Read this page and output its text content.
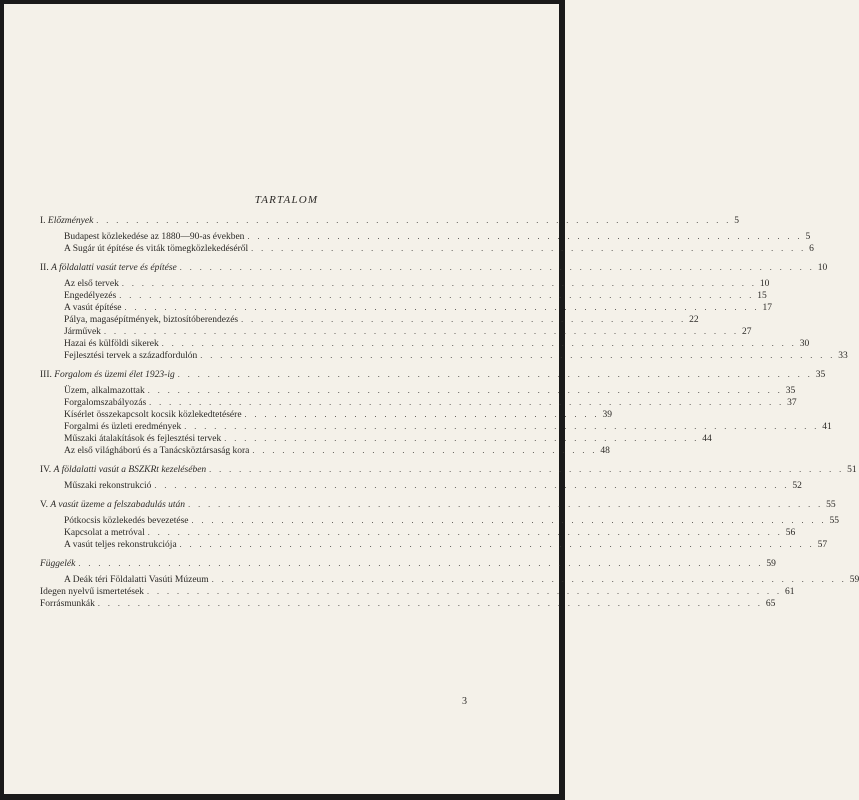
TARTALOM
I.
Előzmények . . . . . . . . . . . . . . . . . . . . . . . . . . . . . . . . . . . . . . . . . . . . . . . . . . . . . . . . . . . . . . . . 5
Budapest közlekedése az 1880—90-as években . . . . . . . . . . . . . . . . . . . . . . . . . . . . . . . . . . . . . . . . . . . . . . . . . . . . . . . . 5
A Sugár út építése és viták tömegközlekedéséről . . . . . . . . . . . . . . . . . . . . . . . . . . . . . . . . . . . . . . . . . . . . . . . . . . . . . . . . 6
II.
A földalatti vasút terve és építése . . . . . . . . . . . . . . . . . . . . . . . . . . . . . . . . . . . . . . . . . . . . . . . . . . . . . . . . . . . . . . . . 10
Az első tervek . . . . . . . . . . . . . . . . . . . . . . . . . . . . . . . . . . . . . . . . . . . . . . . . . . . . . . . . . . . . . . . . 10
Engedélyezés . . . . . . . . . . . . . . . . . . . . . . . . . . . . . . . . . . . . . . . . . . . . . . . . . . . . . . . . . . . . . . . . 15
A vasút építése . . . . . . . . . . . . . . . . . . . . . . . . . . . . . . . . . . . . . . . . . . . . . . . . . . . . . . . . . . . . . . . . 17
Pálya, magasépítmények, biztosítóberendezés . . . . . . . . . . . . . . . . . . . . . . . . . . . . . . . . . . . . . . . . . . . . . 22
Járművek . . . . . . . . . . . . . . . . . . . . . . . . . . . . . . . . . . . . . . . . . . . . . . . . . . . . . . . . . . . . . . . . 27
Hazai és külföldi sikerek . . . . . . . . . . . . . . . . . . . . . . . . . . . . . . . . . . . . . . . . . . . . . . . . . . . . . . . . . . . . . . . . 30
Fejlesztési tervek a századfordulón . . . . . . . . . . . . . . . . . . . . . . . . . . . . . . . . . . . . . . . . . . . . . . . . . . . . . . . . . . . . . . . . 33
III.
Forgalom és üzemi élet 1923-ig . . . . . . . . . . . . . . . . . . . . . . . . . . . . . . . . . . . . . . . . . . . . . . . . . . . . . . . . . . . . . . . . 35
Üzem, alkalmazottak . . . . . . . . . . . . . . . . . . . . . . . . . . . . . . . . . . . . . . . . . . . . . . . . . . . . . . . . . . . . . . . . 35
Forgalomszabályozás . . . . . . . . . . . . . . . . . . . . . . . . . . . . . . . . . . . . . . . . . . . . . . . . . . . . . . . . . . . . . . . . 37
Kísérlet összekapcsolt kocsik közlekedtetésére . . . . . . . . . . . . . . . . . . . . . . . . . . . . . . . . . . . . 39
Forgalmi és üzleti eredmények . . . . . . . . . . . . . . . . . . . . . . . . . . . . . . . . . . . . . . . . . . . . . . . . . . . . . . . . . . . . . . . . 41
Műszaki átalakítások és fejlesztési tervek . . . . . . . . . . . . . . . . . . . . . . . . . . . . . . . . . . . . . . . . . . . . . . . . 44
Az első világháború és a Tanácsköztársaság kora . . . . . . . . . . . . . . . . . . . . . . . . . . . . . . . . . . . 48
IV.
A földalatti vasút a BSZKRt kezelésében . . . . . . . . . . . . . . . . . . . . . . . . . . . . . . . . . . . . . . . . . . . . . . . . . . . . . . . . . . . . . . . . 51
Műszaki rekonstrukció . . . . . . . . . . . . . . . . . . . . . . . . . . . . . . . . . . . . . . . . . . . . . . . . . . . . . . . . . . . . . . . . 52
V.
A vasút üzeme a felszabadulás után . . . . . . . . . . . . . . . . . . . . . . . . . . . . . . . . . . . . . . . . . . . . . . . . . . . . . . . . . . . . . . . . 55
Pótkocsis közlekedés bevezetése . . . . . . . . . . . . . . . . . . . . . . . . . . . . . . . . . . . . . . . . . . . . . . . . . . . . . . . . . . . . . . . . 55
Kapcsolat a metróval . . . . . . . . . . . . . . . . . . . . . . . . . . . . . . . . . . . . . . . . . . . . . . . . . . . . . . . . . . . . . . . . 56
A vasút teljes rekonstrukciója . . . . . . . . . . . . . . . . . . . . . . . . . . . . . . . . . . . . . . . . . . . . . . . . . . . . . . . . . . . . . . . . 57
Függelék . . . . . . . . . . . . . . . . . . . . . . . . . . . . . . . . . . . . . . . . . . . . . . . . . . . . . . . . . . . . . . . . . . . . . 59
A Deák téri Földalatti Vasúti Múzeum . . . . . . . . . . . . . . . . . . . . . . . . . . . . . . . . . . . . . . . . . . . . . . . . . . . . . . . . . . . . . . . . 59
Idegen nyelvű ismertetések . . . . . . . . . . . . . . . . . . . . . . . . . . . . . . . . . . . . . . . . . . . . . . . . . . . . . . . . . . . . . . . . 61
Forrásmunkák . . . . . . . . . . . . . . . . . . . . . . . . . . . . . . . . . . . . . . . . . . . . . . . . . . . . . . . . . . . . . . . . . . . 65
3
